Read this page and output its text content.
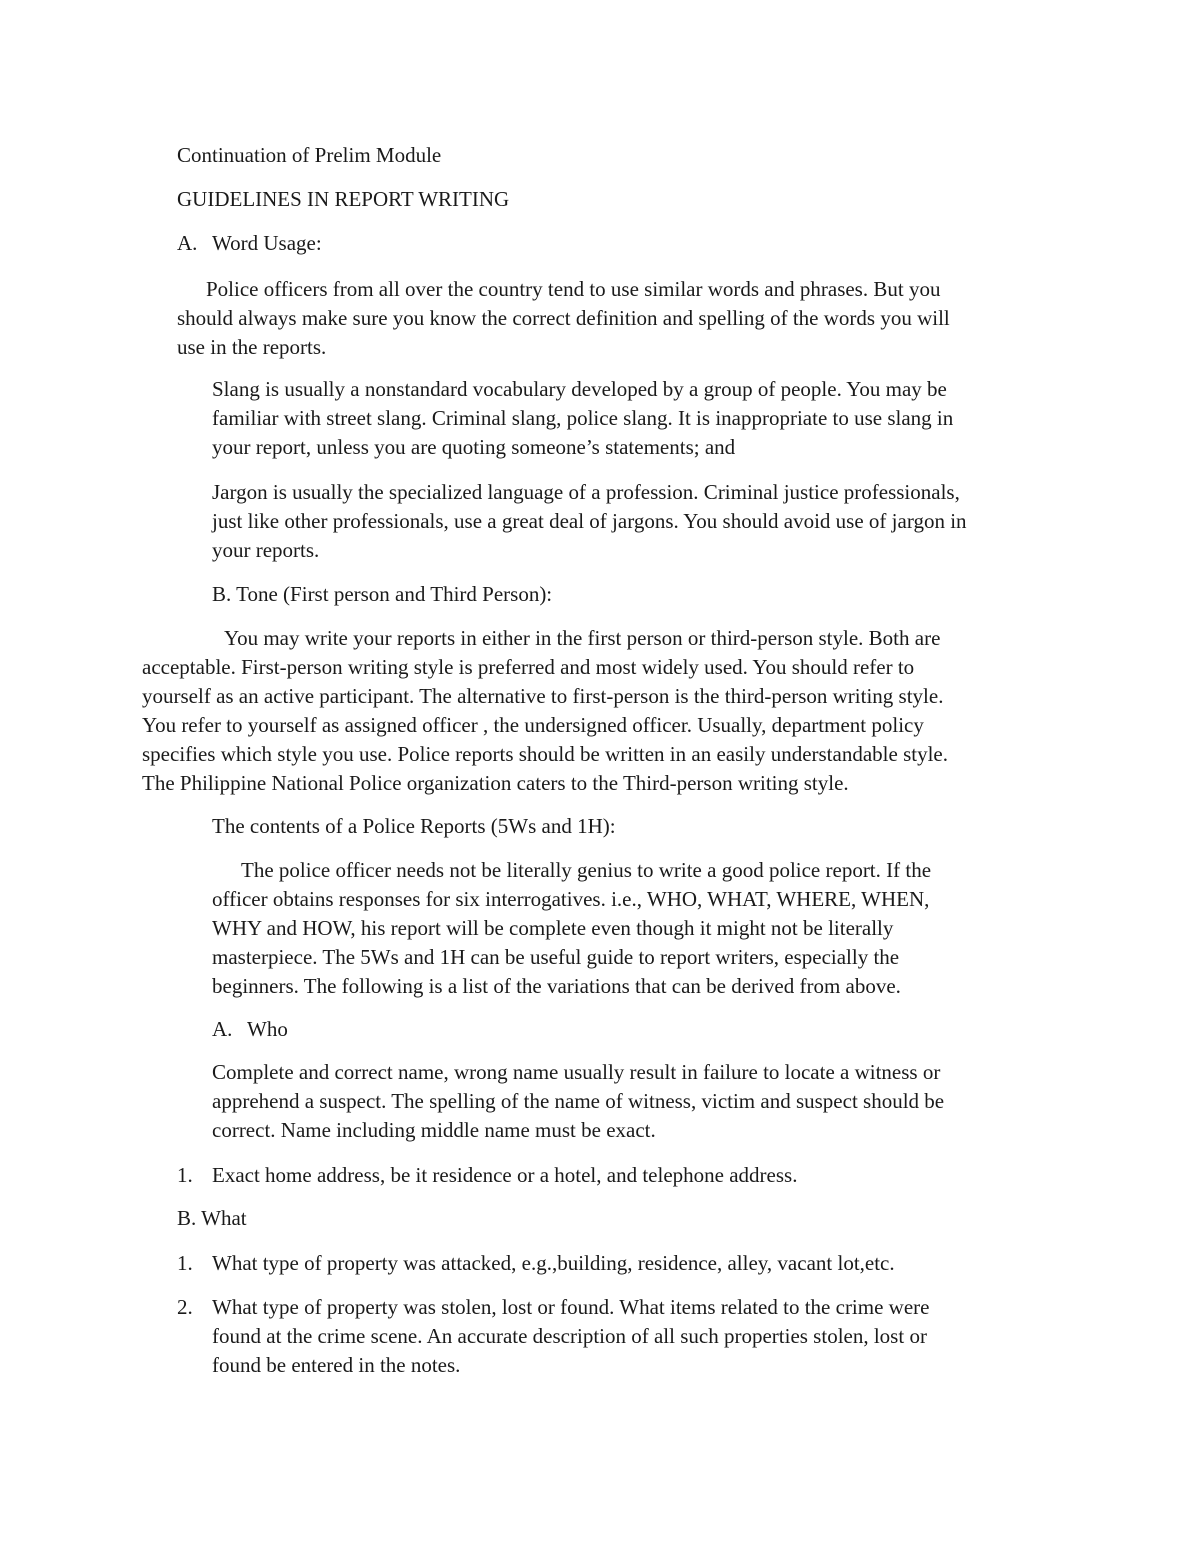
Continuation of Prelim Module
GUIDELINES IN REPORT WRITING
A. Word Usage:
Police officers from all over the country tend to use similar words and phrases. But you
should always make sure you know the correct definition and spelling of the words you will
use in the reports.
Slang is usually a nonstandard vocabulary developed by a group of people. You may be
familiar with street slang. Criminal slang, police slang. It is inappropriate to use slang in
your report, unless you are quoting someone’s statements; and
Jargon is usually the specialized language of a profession. Criminal justice professionals,
just like other professionals, use a great deal of jargons. You should avoid use of jargon in
your reports.
B. Tone (First person and Third Person):
You may write your reports in either in the first person or third-person style. Both are
acceptable. First-person writing style is preferred and most widely used. You should refer to
yourself as an active participant. The alternative to first-person is the third-person writing style.
You refer to yourself as assigned officer , the undersigned officer. Usually, department policy
specifies which style you use. Police reports should be written in an easily understandable style.
The Philippine National Police organization caters to the Third-person writing style.
The contents of a Police Reports (5Ws and 1H):
The police officer needs not be literally genius to write a good police report. If the
officer obtains responses for six interrogatives. i.e., WHO, WHAT, WHERE, WHEN,
WHY and HOW, his report will be complete even though it might not be literally
masterpiece. The 5Ws and 1H can be useful guide to report writers, especially the
beginners. The following is a list of the variations that can be derived from above.
A. Who
Complete and correct name, wrong name usually result in failure to locate a witness or
apprehend a suspect. The spelling of the name of witness, victim and suspect should be
correct. Name including middle name must be exact.
1. Exact home address, be it residence or a hotel, and telephone address.
B. What
1. What type of property was attacked, e.g.,building, residence, alley, vacant lot,etc.
2. What type of property was stolen, lost or found. What items related to the crime were
found at the crime scene. An accurate description of all such properties stolen, lost or
found be entered in the notes.
